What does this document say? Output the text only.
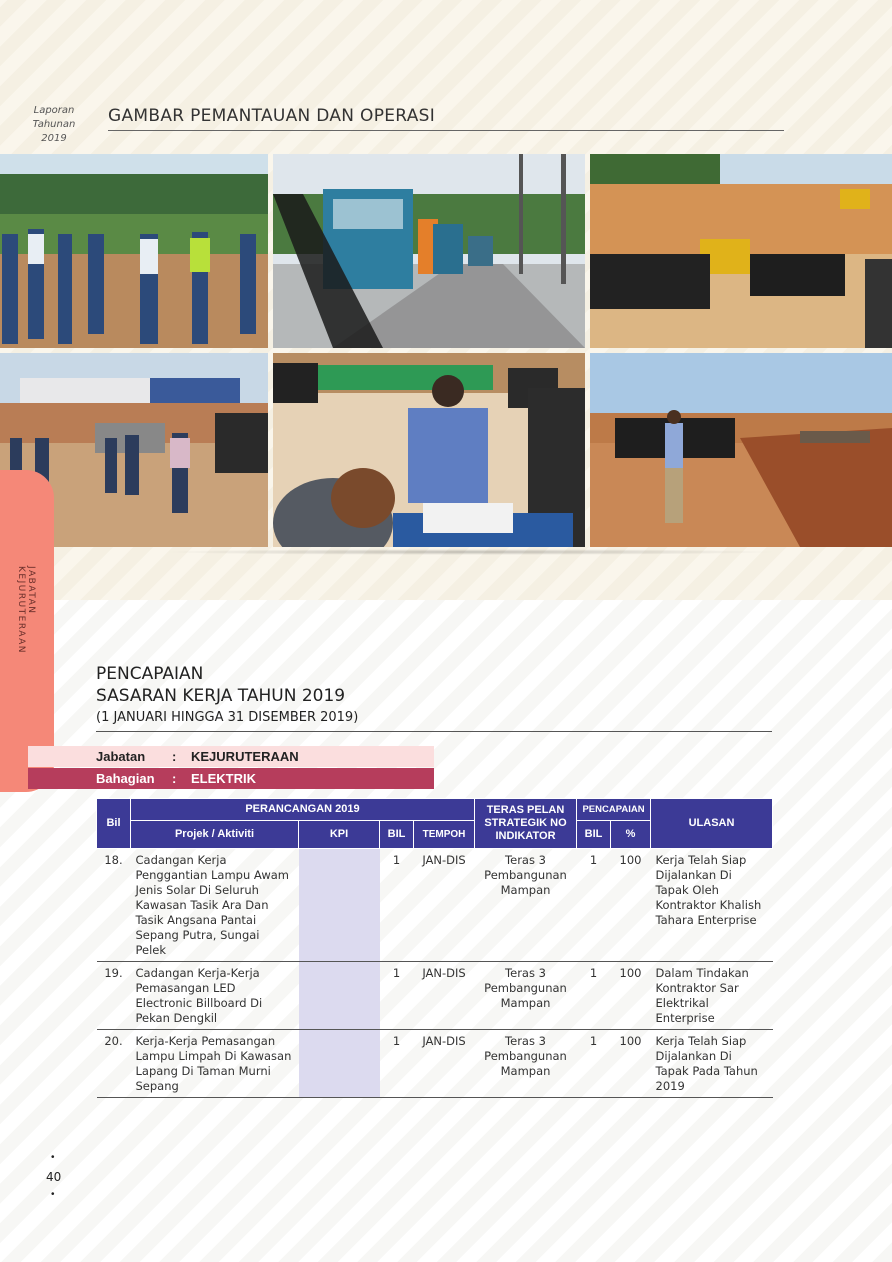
Laporan
Tahunan
2019
GAMBAR PEMANTAUAN DAN OPERASI
JABATAN KEJURUTERAAN
PENCAPAIAN
SASARAN KERJA TAHUN 2019
(1 JANUARI HINGGA 31 DISEMBER 2019)
Jabatan : KEJURUTERAAN
Bahagian : ELEKTRIK
Bil	PERANCANGAN 2019				TERAS PELAN STRATEGIK NO INDIKATOR	PENCAPAIAN		ULASAN
	Projek / Aktiviti	KPI	BIL	TEMPOH		BIL	%	
18.	Cadangan Kerja Penggantian Lampu Awam Jenis Solar Di Seluruh Kawasan Tasik Ara Dan Tasik Angsana Pantai Sepang Putra, Sungai Pelek		1	JAN-DIS	Teras 3 Pembangunan Mampan	1	100	Kerja Telah Siap Dijalankan Di Tapak Oleh Kontraktor Khalish Tahara Enterprise
19.	Cadangan Kerja-Kerja Pemasangan LED Electronic Billboard Di Pekan Dengkil		1	JAN-DIS	Teras 3 Pembangunan Mampan	1	100	Dalam Tindakan Kontraktor Sar Elektrikal Enterprise
20.	Kerja-Kerja Pemasangan Lampu Limpah Di Kawasan Lapang Di Taman Murni Sepang		1	JAN-DIS	Teras 3 Pembangunan Mampan	1	100	Kerja Telah Siap Dijalankan Di Tapak Pada Tahun 2019
•
40
•
